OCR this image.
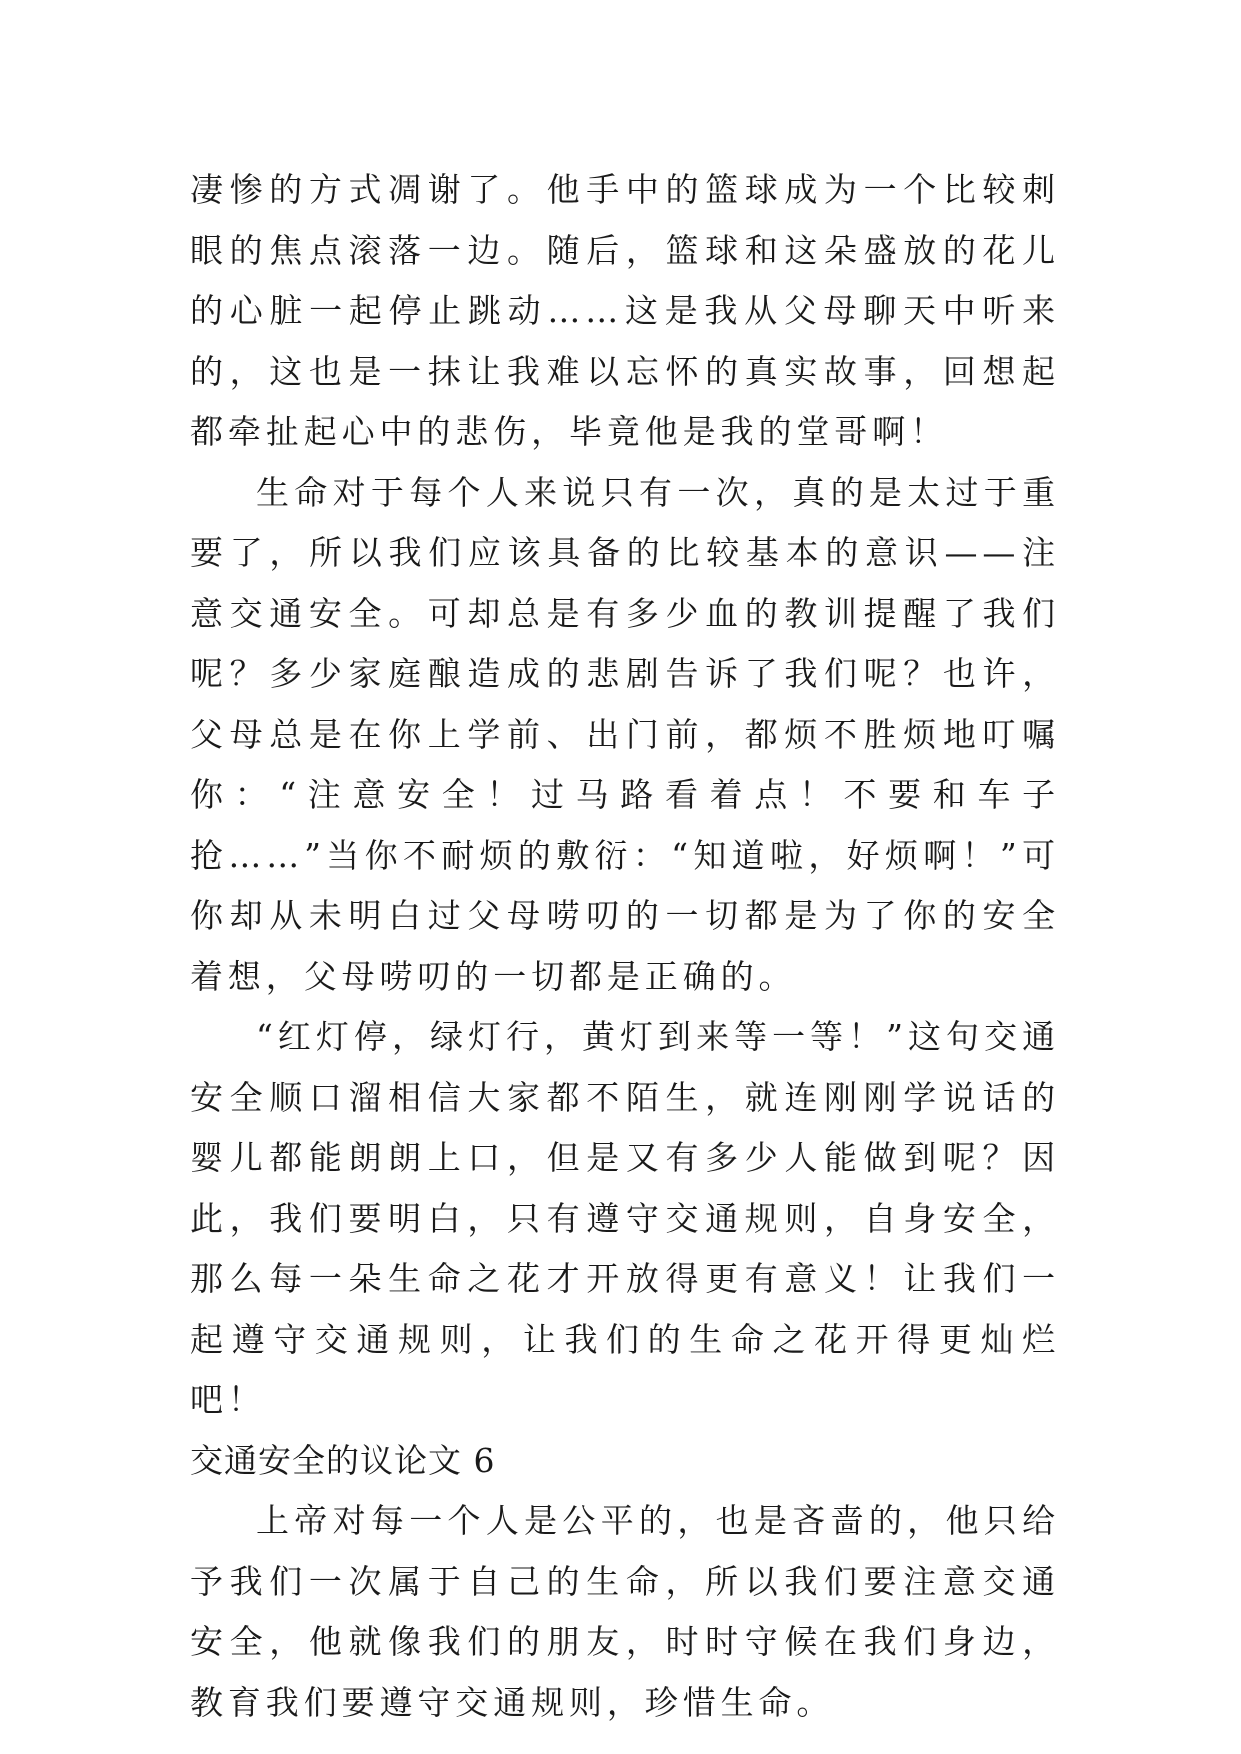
凄惨的方式凋谢了。他手中的篮球成为一个比较刺眼的焦点滚落一边。随后，篮球和这朵盛放的花儿的心脏一起停止跳动……这是我从父母聊天中听来的，这也是一抹让我难以忘怀的真实故事，回想起都牵扯起心中的悲伤，毕竟他是我的堂哥啊！

生命对于每个人来说只有一次，真的是太过于重要了，所以我们应该具备的比较基本的意识——注意交通安全。可却总是有多少血的教训提醒了我们呢？多少家庭酿造成的悲剧告诉了我们呢？也许，父母总是在你上学前、出门前，都烦不胜烦地叮嘱你：“注意安全！过马路看着点！不要和车子抢……”当你不耐烦的敷衍：“知道啦，好烦啊！”可你却从未明白过父母唠叨的一切都是为了你的安全着想，父母唠叨的一切都是正确的。

“红灯停，绿灯行，黄灯到来等一等！”这句交通安全顺口溜相信大家都不陌生，就连刚刚学说话的婴儿都能朗朗上口，但是又有多少人能做到呢？因此，我们要明白，只有遵守交通规则，自身安全，那么每一朵生命之花才开放得更有意义！让我们一起遵守交通规则，让我们的生命之花开得更灿烂吧！

交通安全的议论文 6

上帝对每一个人是公平的，也是吝啬的，他只给予我们一次属于自己的生命，所以我们要注意交通安全，他就像我们的朋友，时时守候在我们身边，教育我们要遵守交通规则，珍惜生命。
